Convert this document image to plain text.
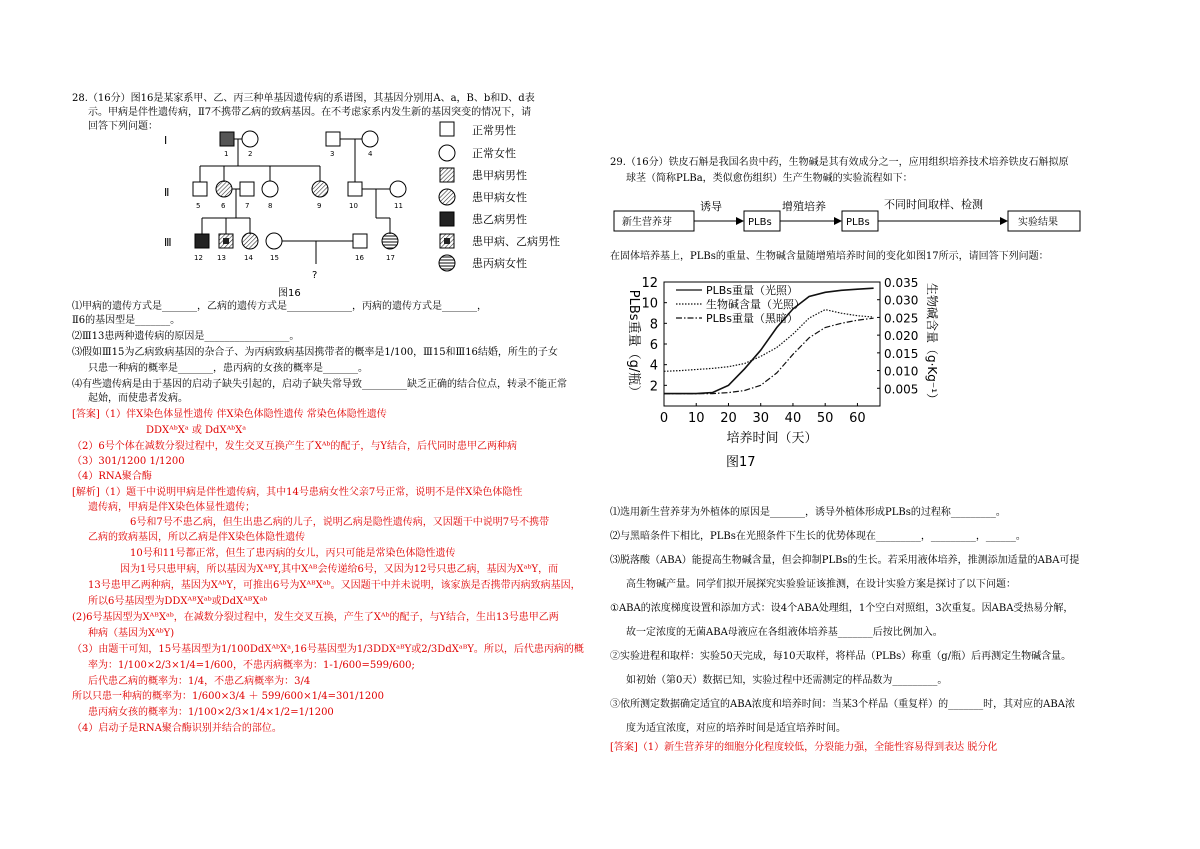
28.（16分）图16是某家系甲、乙、丙三种单基因遗传病的系谱图，其基因分别用A、a，B、b和D、d表
示。甲病是伴性遗传病，Ⅱ7不携带乙病的致病基因。在不考虑家系内发生新的基因突变的情况下，请
回答下列问题：
Ⅰ
Ⅱ
Ⅲ
1	2	3	4
5	6	7	8	9	10	11
?
12 13	14 15	16	17
图16
正常男性
正常女性
患甲病男性
患甲病女性
患乙病男性
患甲病、乙病男性
患丙病女性
⑴甲病的遗传方式是_______，乙病的遗传方式是_____________，丙病的遗传方式是_______，
Ⅱ6的基因型是_______。
⑵Ⅲ13患两种遗传病的原因是_________________。
⑶假如Ⅲ15为乙病致病基因的杂合子、为丙病致病基因携带者的概率是1/100，Ⅲ15和Ⅲ16结婚，所生的子女
只患一种病的概率是_______，患丙病的女孩的概率是_______。
⑷有些遗传病是由于基因的启动子缺失引起的，启动子缺失常导致_________缺乏正确的结合位点，转录不能正常
起始，而使患者发病。
[答案]（1）伴X染色体显性遗传 伴X染色体隐性遗传 常染色体隐性遗传
DDXᴬᵇXᵃ 或 DdXᴬᵇXᵃ
（2）6号个体在减数分裂过程中，发生交叉互换产生了Xᴬᵇ的配子，与Y结合，后代同时患甲乙两种病
（3）301/1200 1/1200
（4）RNA聚合酶
[解析]（1）题干中说明甲病是伴性遗传病，其中14号患病女性父亲7号正常，说明不是伴X染色体隐性
遗传病，甲病是伴X染色体显性遗传；
6号和7号不患乙病，但生出患乙病的儿子，说明乙病是隐性遗传病，又因题干中说明7号不携带
乙病的致病基因，所以乙病是伴X染色体隐性遗传
10号和11号都正常，但生了患丙病的女儿，丙只可能是常染色体隐性遗传
因为1号只患甲病，所以基因为XᴬᴮY,其中Xᴬᴮ会传递给6号，又因为12号只患乙病，基因为XᵃᵇY，而
13号患甲乙两种病，基因为XᴬᵇY，可推出6号为XᴬᴮXᵃᵇ。又因题干中并未说明，该家族是否携带丙病致病基因，
所以6号基因型为DDXᴬᴮXᵃᵇ或DdXᴬᴮXᵃᵇ
(2)6号基因型为XᴬᴮXᵃᵇ，在减数分裂过程中，发生交叉互换，产生了Xᴬᵇ的配子，与Y结合，生出13号患甲乙两
种病（基因为XᴬᵇY)
（3）由题干可知，15号基因型为1/100DdXᴬᵇXᵃ,16号基因型为1/3DDXᵃᴮY或2/3DdXᵃᴮY。所以，后代患丙病的概
率为：1/100×2/3×1/4=1/600，不患丙病概率为：1-1/600=599/600;
后代患乙病的概率为：1/4，不患乙病概率为：3/4
所以只患一种病的概率为：1/600×3/4 ＋ 599/600×1/4=301/1200
患丙病女孩的概率为：1/100×2/3×1/4×1/2=1/1200
（4）启动子是RNA聚合酶识别并结合的部位。
29.（16分）铁皮石斛是我国名贵中药，生物碱是其有效成分之一，应用组织培养技术培养铁皮石斛拟原
球茎（简称PLBa，类似愈伤组织）生产生物碱的实验流程如下：
新生营养芽
诱导
PLBs
增殖培养
PLBs
不同时间取样、检测
实验结果
在固体培养基上，PLBs的重量、生物碱含量随增殖培养时间的变化如图17所示，请回答下列问题：
0 10 20 30 40 50 60
2
4
6
8
10
12
0.005
0.010
0.015
0.020
0.025
0.030
0.035
培养时间（天）
PLBs重量（g/瓶）	生物碱含量（g·Kg⁻¹）
图17
PLBs重量（光照）
生物碱含量（光照）
PLBs重量（黑暗）
⑴选用新生营养芽为外植体的原因是_______，诱导外植体形成PLBs的过程称_________。
⑵与黑暗条件下相比，PLBs在光照条件下生长的优势体现在_________，_________，______。
⑶脱落酸（ABA）能提高生物碱含量，但会抑制PLBs的生长。若采用液体培养，推测添加适量的ABA可提
高生物碱产量。同学们拟开展探究实验验证该推测，在设计实验方案是探讨了以下问题：
①ABA的浓度梯度设置和添加方式：设4个ABA处理组，1个空白对照组，3次重复。因ABA受热易分解，
故一定浓度的无菌ABA母液应在各组液体培养基_______后按比例加入。
②实验进程和取样：实验50天完成，每10天取样，将样品（PLBs）称重（g/瓶）后再测定生物碱含量。
如初始（第0天）数据已知，实验过程中还需测定的样品数为_________。
③依所测定数据确定适宜的ABA浓度和培养时间：当某3个样品（重复样）的_______时，其对应的ABA浓
度为适宜浓度，对应的培养时间是适宜培养时间。
[答案]（1）新生营养芽的细胞分化程度较低，分裂能力强，全能性容易得到表达 脱分化
